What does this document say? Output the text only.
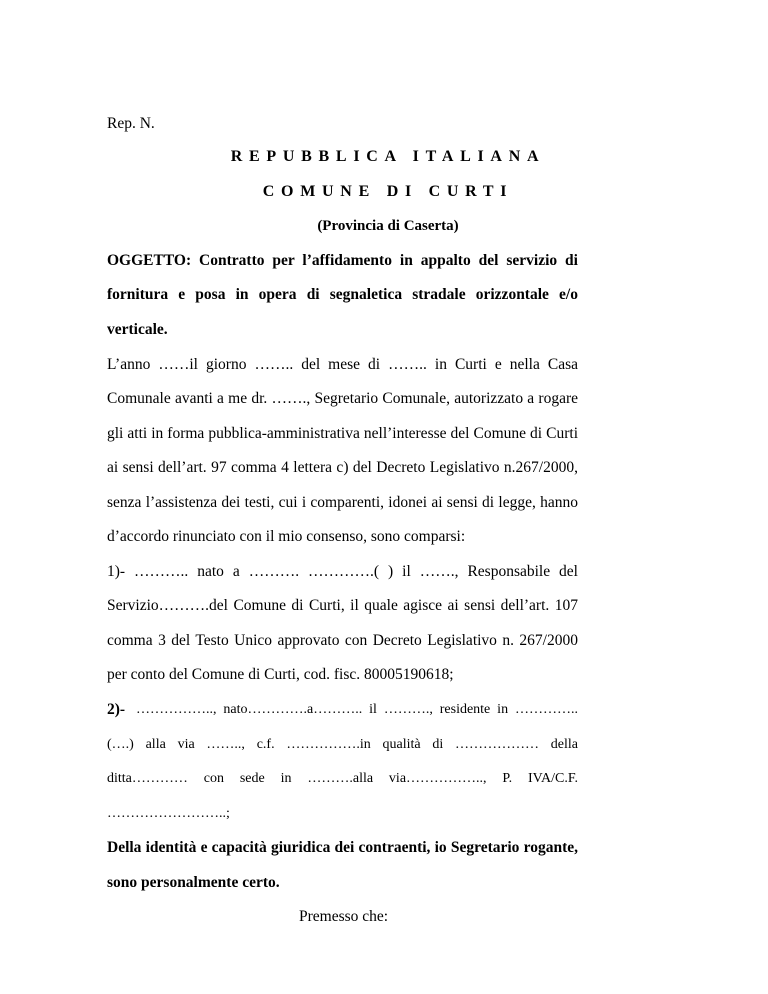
Rep. N.

REPUBBLICA ITALIANA

COMUNE DI CURTI

(Provincia di Caserta)

OGGETTO: Contratto per l’affidamento in appalto del servizio di

fornitura e posa in opera di segnaletica stradale orizzontale e/o

verticale.

L’anno ……il giorno …….. del mese di …….. in Curti e nella Casa

Comunale avanti a me dr. ……., Segretario Comunale, autorizzato a rogare

gli atti in forma pubblica-amministrativa nell’interesse del Comune di Curti

ai sensi dell’art. 97 comma 4 lettera c) del Decreto Legislativo n.267/2000,

senza l’assistenza dei testi, cui i comparenti, idonei ai sensi di legge, hanno

d’accordo rinunciato con il mio consenso, sono comparsi:

1)- ……….. nato a ………. ………….( ) il ……., Responsabile del

Servizio……….del Comune di Curti, il quale agisce ai sensi dell’art. 107

comma 3 del Testo Unico approvato con Decreto Legislativo n. 267/2000

per conto del Comune di Curti, cod. fisc. 80005190618;

2)- …………….., nato………….a……….. il ………., residente in …………..

(….) alla via …….., c.f. …………….in qualità di ……………… della

ditta………… con sede in ……….alla via…………….., P. IVA/C.F.

……………………..;

Della identità e capacità giuridica dei contraenti, io Segretario rogante,

sono personalmente certo.

Premesso che:
